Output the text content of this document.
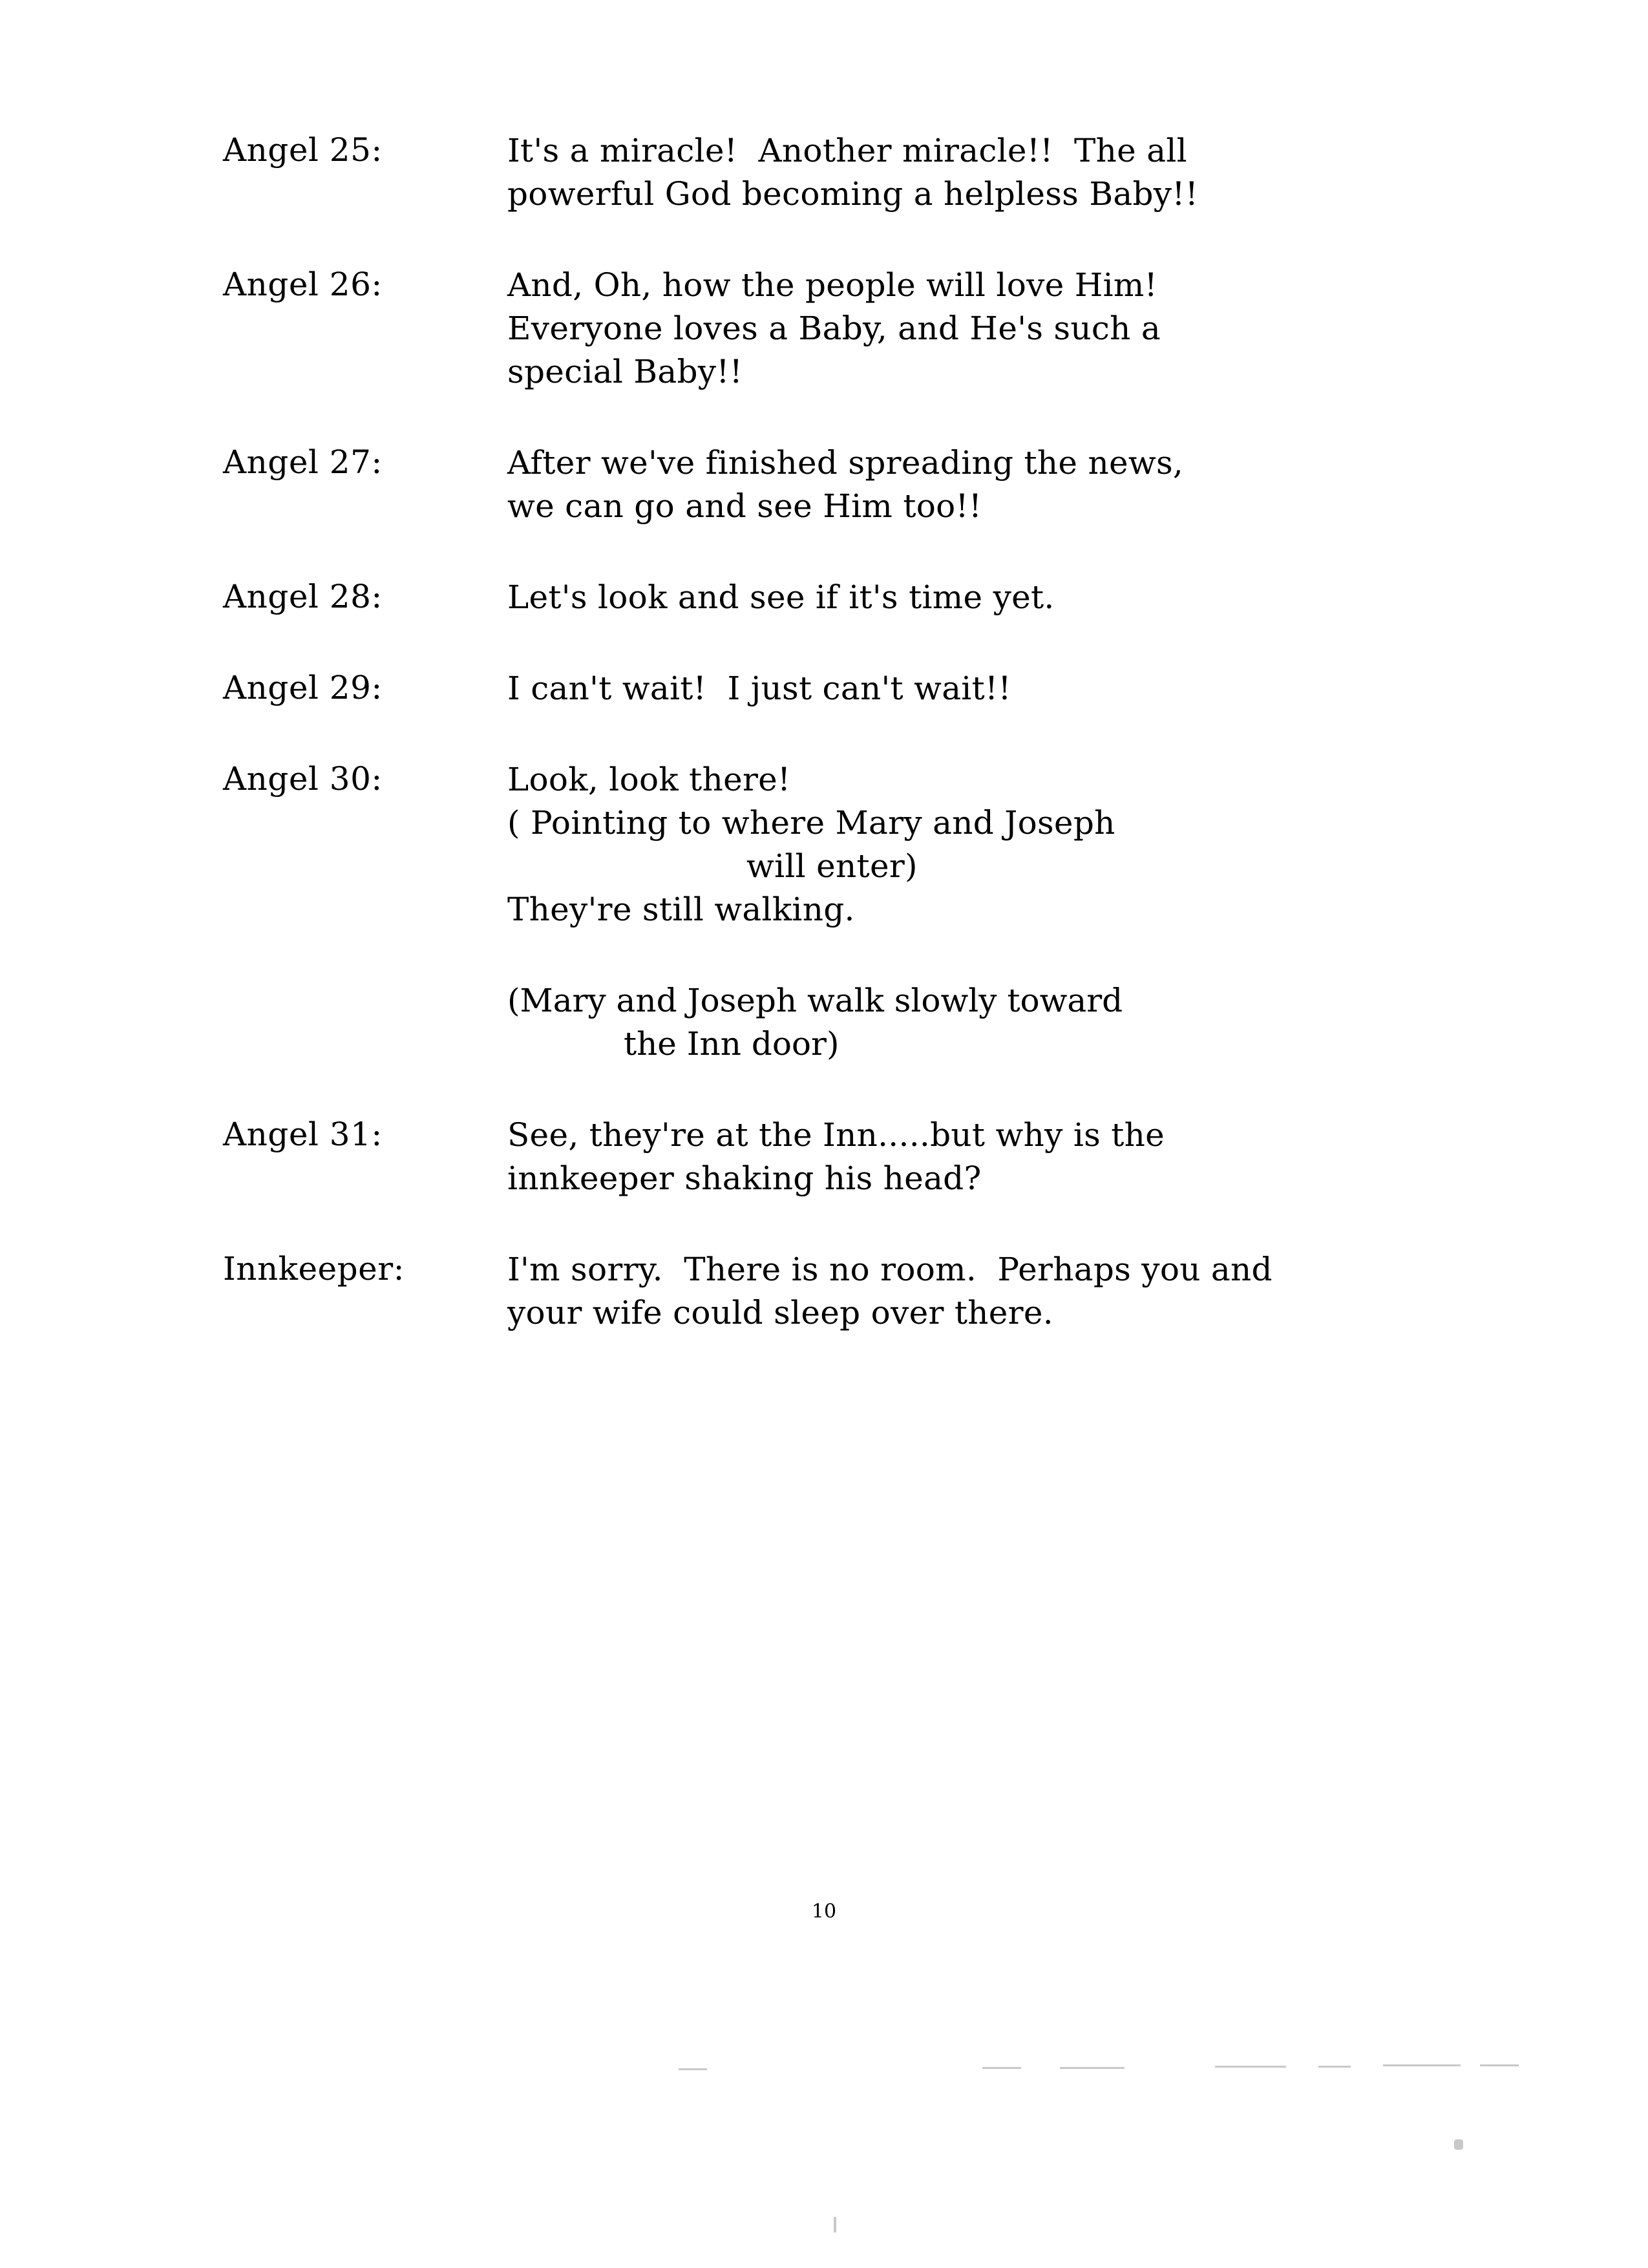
Angel 25:	It's a miracle!  Another miracle!!  The all
powerful God becoming a helpless Baby!!
Angel 26:	And, Oh, how the people will love Him!
Everyone loves a Baby, and He's such a
special Baby!!
Angel 27:	After we've finished spreading the news,
we can go and see Him too!!
Angel 28:	Let's look and see if it's time yet.
Angel 29:	I can't wait!  I just can't wait!!
Angel 30:	Look, look there!
( Pointing to where Mary and Joseph
will enter)
They're still walking.
(Mary and Joseph walk slowly toward
the Inn door)
Angel 31:	See, they're at the Inn.....but why is the
innkeeper shaking his head?
Innkeeper:	I'm sorry.  There is no room.  Perhaps you and
your wife could sleep over there.
10
